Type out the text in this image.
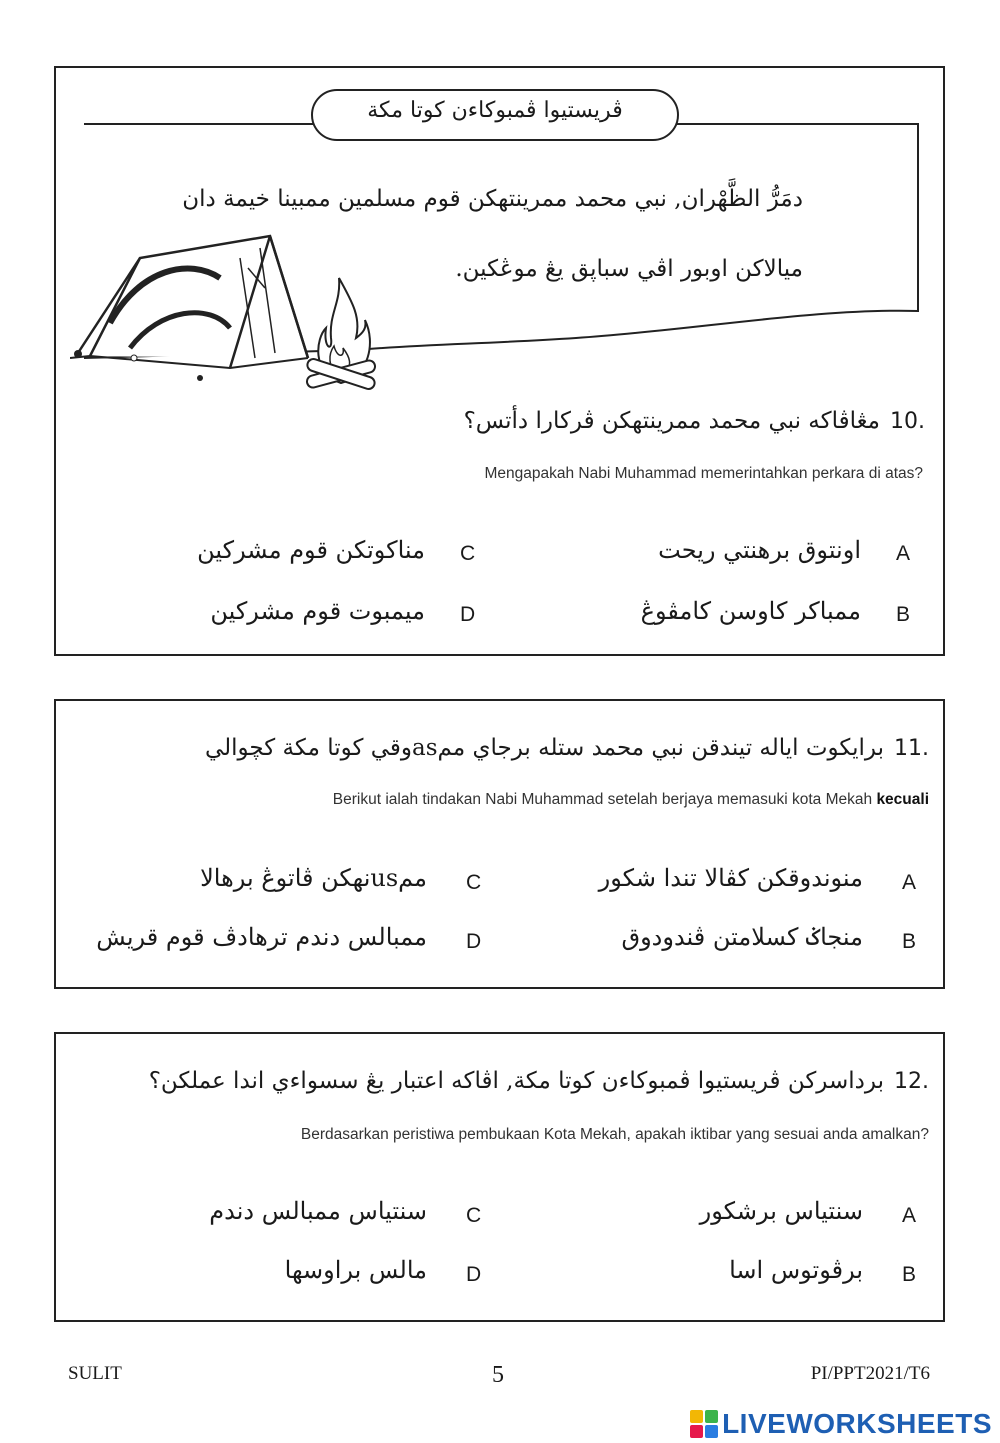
ڤريستيوا ڤمبوکاءن کوتا مکة
دمَرُّ الظَّهْران, نبي محمد ممرينتهکن قوم مسلمين ممبينا خيمة دان
ميالاکن اوبور اڤي سباڽق يڠ موڠکين.
مڠاڤاکه نبي محمد ممرينتهکن ڤرکارا دأتس؟ 10.
Mengapakah Nabi Muhammad memerintahkan perkara di atas?
A
اونتوق برهنتي ريحت
B
ممباکر کاوسن کامڤوڠ
C
مناکوتکن قوم مشرکين
D
ميمبوت قوم مشرکين
برايکوت اياله تيندقن نبي محمد ستله برجاي ممasوقي کوتا مکة کچوالي 11.
Berikut ialah tindakan Nabi Muhammad setelah berjaya memasuki kota Mekah kecuali
A
منوندوقکن کڤالا تندا شکور
B
منجاݢ کسلامتن ڤندودوق
C
ممusنهکن ڤاتوڠ برهالا
D
ممبالس دندم ترهادڤ قوم قريش
برداسرکن ڤريستيوا ڤمبوکاءن کوتا مکة, اڤاکه اعتبار يڠ سسواءي اندا عملکن؟ 12.
Berdasarkan peristiwa pembukaan Kota Mekah, apakah iktibar yang sesuai anda amalkan?
A
سنتياس برشکور
B
برڤوتوس اسا
C
سنتياس ممبالس دندم
D
مالس براوسها
SULIT	5	PI/PPT2021/T6
LIVEWORKSHEETS
